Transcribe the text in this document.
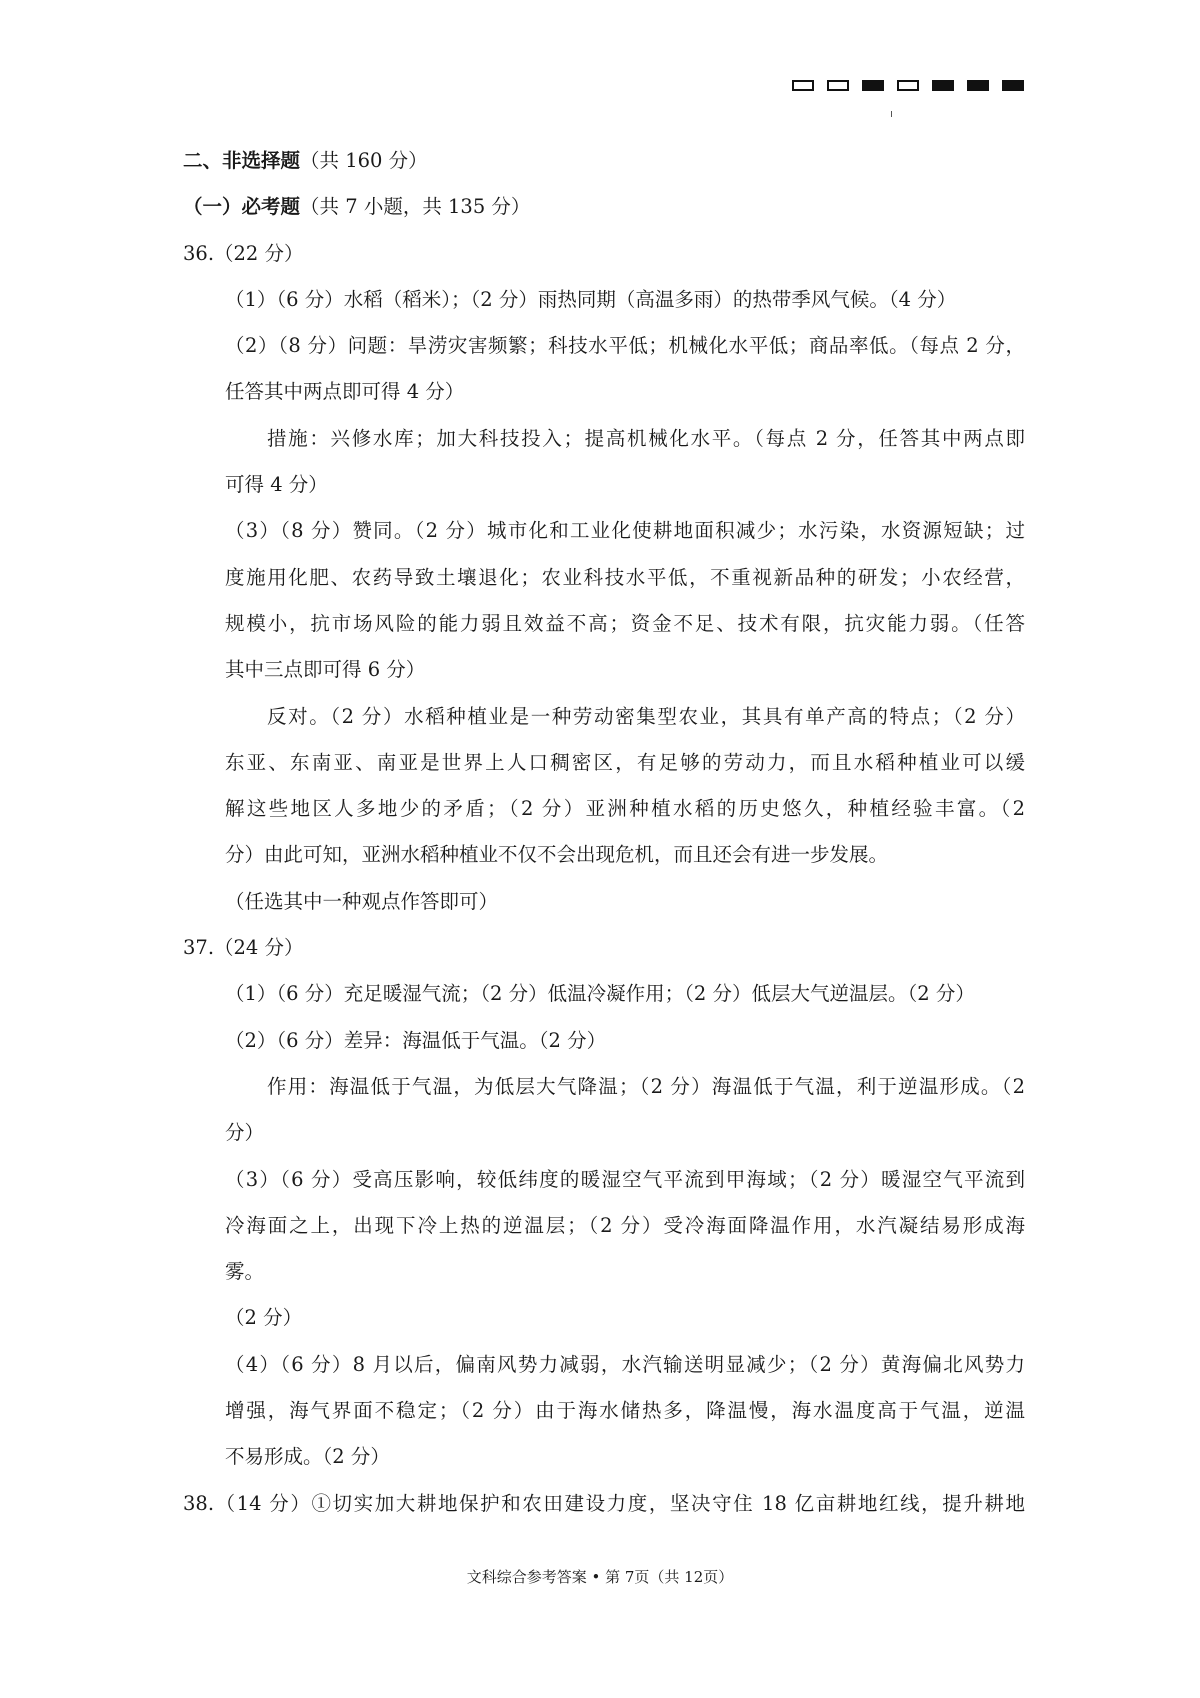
二、非选择题（共 160 分）
（一）必考题（共 7 小题，共 135 分）
36.（22 分）
（1）（6 分）水稻（稻米）；（2 分）雨热同期（高温多雨）的热带季风气候。（4 分）
（2）（8 分）问题：旱涝灾害频繁；科技水平低；机械化水平低；商品率低。（每点 2 分，
任答其中两点即可得 4 分）
措施：兴修水库；加大科技投入；提高机械化水平。（每点 2 分，任答其中两点即
可得 4 分）
（3）（8 分）赞同。（2 分）城市化和工业化使耕地面积减少；水污染，水资源短缺；过
度施用化肥、农药导致土壤退化；农业科技水平低，不重视新品种的研发；小农经营，
规模小，抗市场风险的能力弱且效益不高；资金不足、技术有限，抗灾能力弱。（任答
其中三点即可得 6 分）
反对。（2 分）水稻种植业是一种劳动密集型农业，其具有单产高的特点；（2 分）
东亚、东南亚、南亚是世界上人口稠密区，有足够的劳动力，而且水稻种植业可以缓
解这些地区人多地少的矛盾；（2 分）亚洲种植水稻的历史悠久，种植经验丰富。（2
分）由此可知，亚洲水稻种植业不仅不会出现危机，而且还会有进一步发展。
（任选其中一种观点作答即可）
37.（24 分）
（1）（6 分）充足暖湿气流；（2 分）低温冷凝作用；（2 分）低层大气逆温层。（2 分）
（2）（6 分）差异：海温低于气温。（2 分）
作用：海温低于气温，为低层大气降温；（2 分）海温低于气温，利于逆温形成。（2
分）
（3）（6 分）受高压影响，较低纬度的暖湿空气平流到甲海域；（2 分）暖湿空气平流到
冷海面之上，出现下冷上热的逆温层；（2 分）受冷海面降温作用，水汽凝结易形成海
雾。
（2 分）
（4）（6 分）8 月以后，偏南风势力减弱，水汽输送明显减少；（2 分）黄海偏北风势力
增强，海气界面不稳定；（2 分）由于海水储热多，降温慢，海水温度高于气温，逆温
不易形成。（2 分）
38.（14 分）①切实加大耕地保护和农田建设力度，坚决守住 18 亿亩耕地红线，提升耕地
文科综合参考答案 • 第 7页（共 12页）
